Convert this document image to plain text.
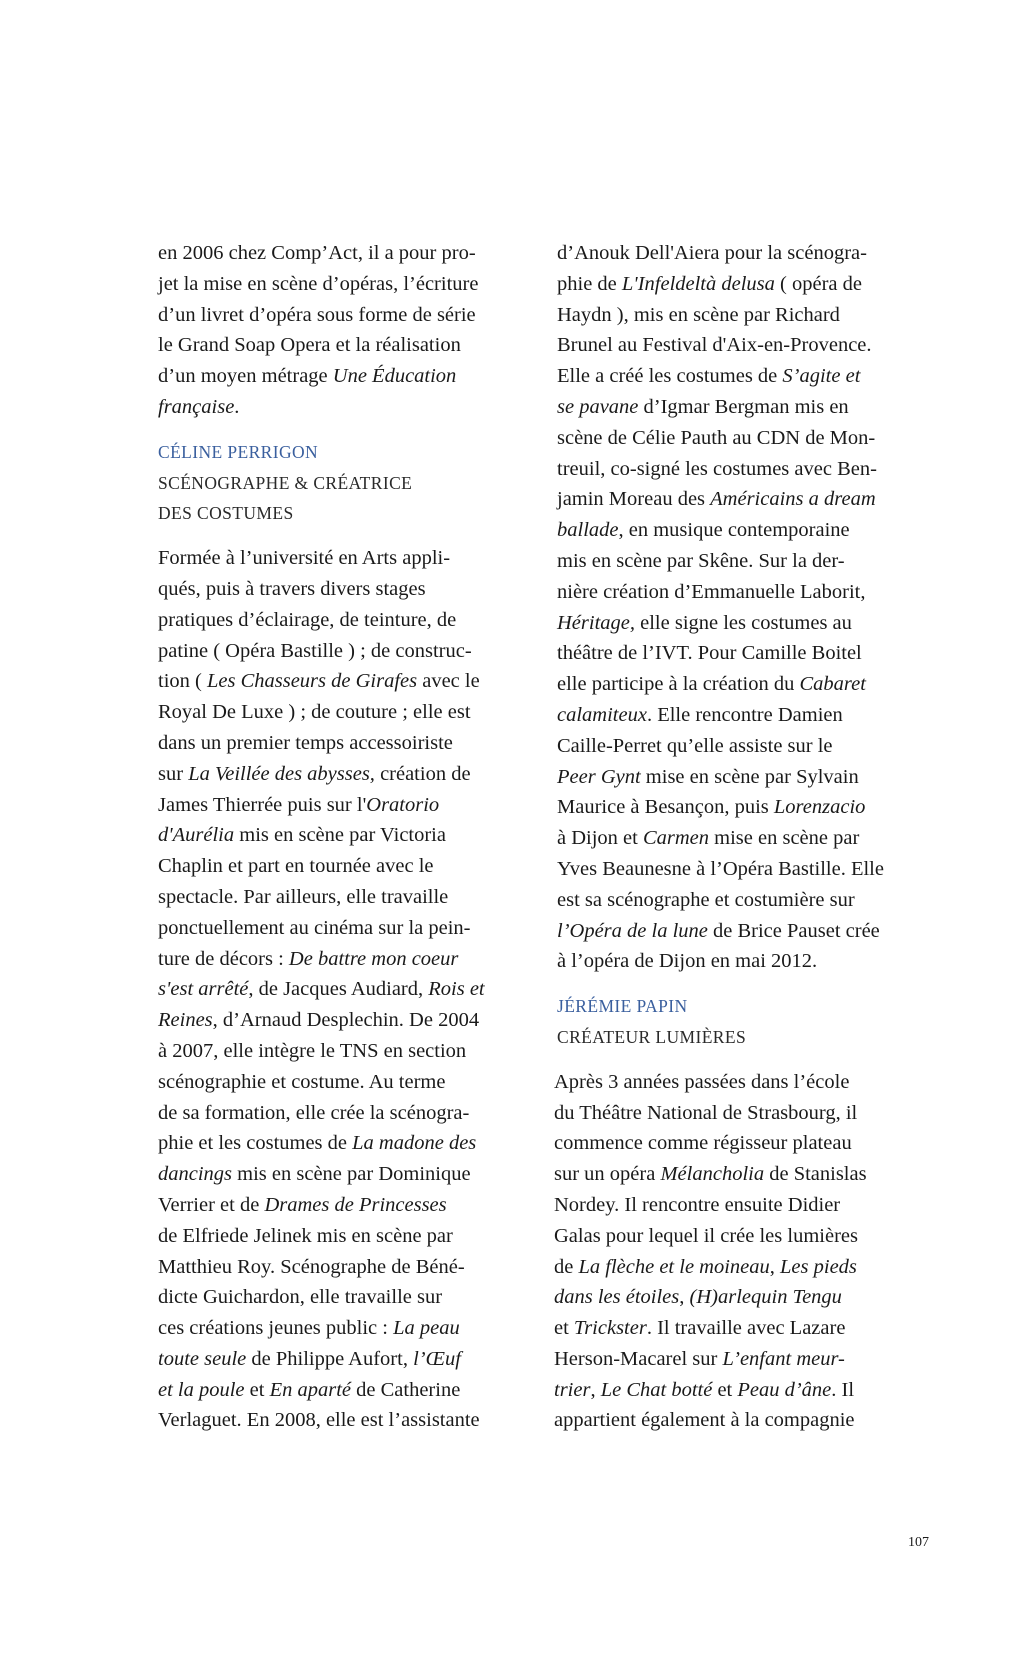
en 2006 chez Comp’Act, il a pour pro-
jet la mise en scène d’opéras, l’écriture
d’un livret d’opéra sous forme de série
le Grand Soap Opera et la réalisation
d’un moyen métrage Une Éducation
française.
CÉLINE PERRIGON
SCÉNOGRAPHE & CRÉATRICE
DES COSTUMES
Formée à l’université en Arts appli-
qués, puis à travers divers stages
pratiques d’éclairage, de teinture, de
patine ( Opéra Bastille ) ; de construc-
tion ( Les Chasseurs de Girafes avec le
Royal De Luxe ) ; de couture ; elle est
dans un premier temps accessoiriste
sur La Veillée des abysses, création de
James Thierrée puis sur l'Oratorio
d'Aurélia mis en scène par Victoria
Chaplin et part en tournée avec le
spectacle. Par ailleurs, elle travaille
ponctuellement au cinéma sur la pein-
ture de décors : De battre mon coeur
s'est arrêté, de Jacques Audiard, Rois et
Reines, d’Arnaud Desplechin. De 2004
à 2007, elle intègre le TNS en section
scénographie et costume. Au terme
de sa formation, elle crée la scénogra-
phie et les costumes de La madone des
dancings mis en scène par Dominique
Verrier et de Drames de Princesses
de Elfriede Jelinek mis en scène par
Matthieu Roy. Scénographe de Béné-
dicte Guichardon, elle travaille sur
ces créations jeunes public : La peau
toute seule de Philippe Aufort, l’Œuf
et la poule et En aparté de Catherine
Verlaguet. En 2008, elle est l’assistante
d’Anouk Dell'Aiera pour la scénogra-
phie de L'Infeldeltà delusa ( opéra de
Haydn ), mis en scène par Richard
Brunel au Festival d'Aix-en-Provence.
Elle a créé les costumes de S’agite et
se pavane d’Igmar Bergman mis en
scène de Célie Pauth au CDN de Mon-
treuil, co-signé les costumes avec Ben-
jamin Moreau des Américains a dream
ballade, en musique contemporaine
mis en scène par Skêne. Sur la der-
nière création d’Emmanuelle Laborit,
Héritage, elle signe les costumes au
théâtre de l’IVT. Pour Camille Boitel
elle participe à la création du Cabaret
calamiteux. Elle rencontre Damien
Caille-Perret qu’elle assiste sur le
Peer Gynt mise en scène par Sylvain
Maurice à Besançon, puis Lorenzacio
à Dijon et Carmen mise en scène par
Yves Beaunesne à l’Opéra Bastille. Elle
est sa scénographe et costumière sur
l’Opéra de la lune de Brice Pauset crée
à l’opéra de Dijon en mai 2012.
JÉRÉMIE PAPIN
CRÉATEUR LUMIÈRES
Après 3 années passées dans l’école
du Théâtre National de Strasbourg, il
commence comme régisseur plateau
sur un opéra Mélancholia de Stanislas
Nordey. Il rencontre ensuite Didier
Galas pour lequel il crée les lumières
de La flèche et le moineau, Les pieds
dans les étoiles, (H)arlequin Tengu
et Trickster. Il travaille avec Lazare
Herson-Macarel sur L’enfant meur-
trier, Le Chat botté et Peau d’âne. Il
appartient également à la compagnie
107
